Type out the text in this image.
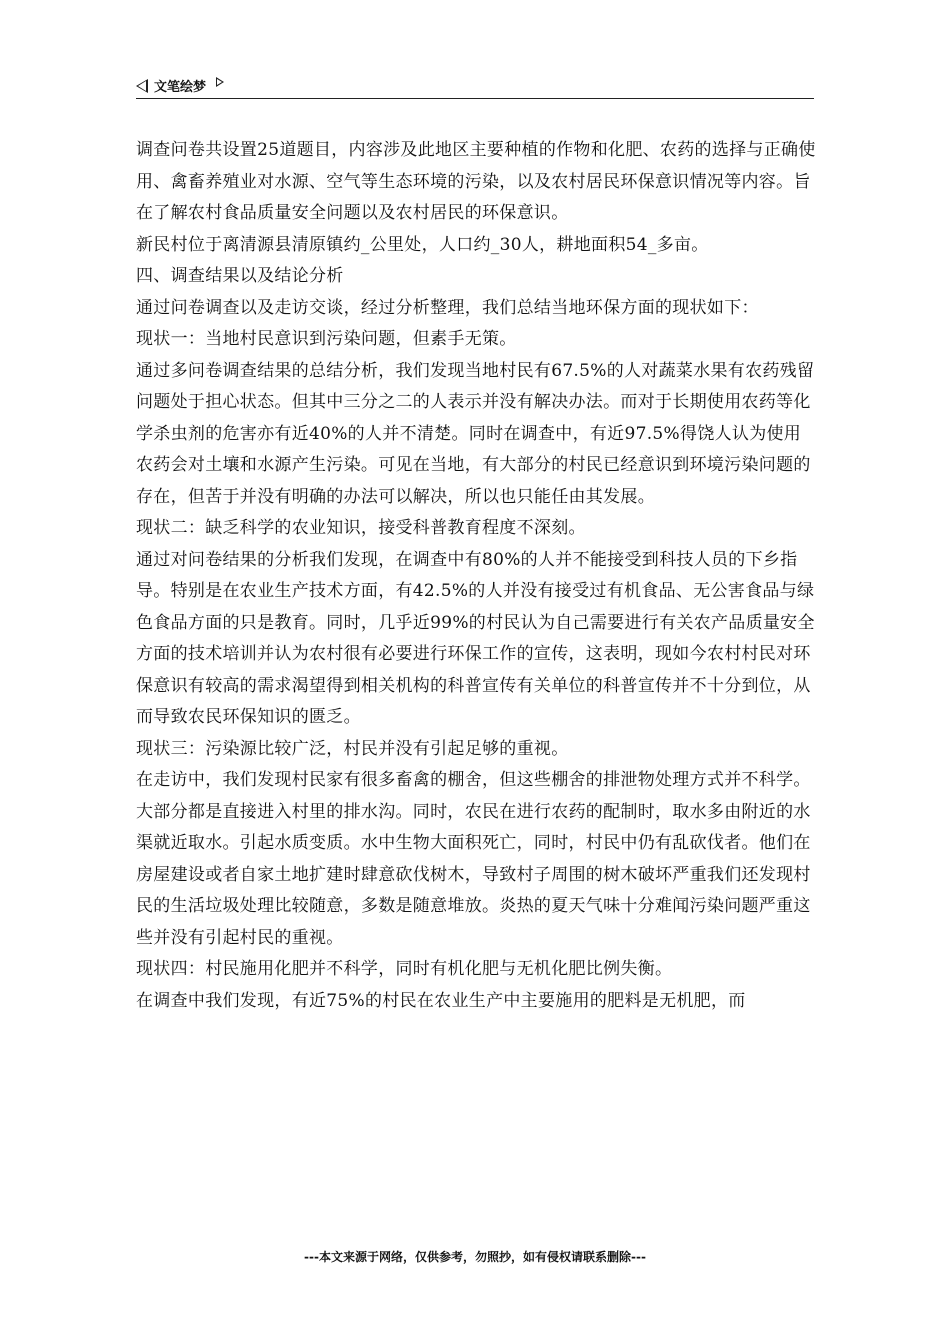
文笔绘梦

调查问卷共设置25道题目，内容涉及此地区主要种植的作物和化肥、农药的选择与正确使用、禽畜养殖业对水源、空气等生态环境的污染，以及农村居民环保意识情况等内容。旨在了解农村食品质量安全问题以及农村居民的环保意识。

新民村位于离清源县清原镇约_公里处，人口约_30人，耕地面积54_多亩。

四、调查结果以及结论分析

通过问卷调查以及走访交谈，经过分析整理，我们总结当地环保方面的现状如下：

现状一：当地村民意识到污染问题，但素手无策。

通过多问卷调查结果的总结分析，我们发现当地村民有67.5%的人对蔬菜水果有农药残留问题处于担心状态。但其中三分之二的人表示并没有解决办法。而对于长期使用农药等化学杀虫剂的危害亦有近40%的人并不清楚。同时在调查中，有近97.5%得饶人认为使用农药会对土壤和水源产生污染。可见在当地，有大部分的村民已经意识到环境污染问题的存在，但苦于并没有明确的办法可以解决，所以也只能任由其发展。

现状二：缺乏科学的农业知识，接受科普教育程度不深刻。

通过对问卷结果的分析我们发现，在调查中有80%的人并不能接受到科技人员的下乡指导。特别是在农业生产技术方面，有42.5%的人并没有接受过有机食品、无公害食品与绿色食品方面的只是教育。同时，几乎近99%的村民认为自己需要进行有关农产品质量安全方面的技术培训并认为农村很有必要进行环保工作的宣传，这表明，现如今农村村民对环保意识有较高的需求渴望得到相关机构的科普宣传有关单位的科普宣传并不十分到位，从而导致农民环保知识的匮乏。

现状三：污染源比较广泛，村民并没有引起足够的重视。

在走访中，我们发现村民家有很多畜禽的棚舍，但这些棚舍的排泄物处理方式并不科学。大部分都是直接进入村里的排水沟。同时，农民在进行农药的配制时，取水多由附近的水渠就近取水。引起水质变质。水中生物大面积死亡，同时，村民中仍有乱砍伐者。他们在房屋建设或者自家土地扩建时肆意砍伐树木，导致村子周围的树木破坏严重我们还发现村民的生活垃圾处理比较随意，多数是随意堆放。炎热的夏天气味十分难闻污染问题严重这些并没有引起村民的重视。

现状四：村民施用化肥并不科学，同时有机化肥与无机化肥比例失衡。

在调查中我们发现，有近75%的村民在农业生产中主要施用的肥料是无机肥，而

---本文来源于网络，仅供参考，勿照抄，如有侵权请联系删除---
